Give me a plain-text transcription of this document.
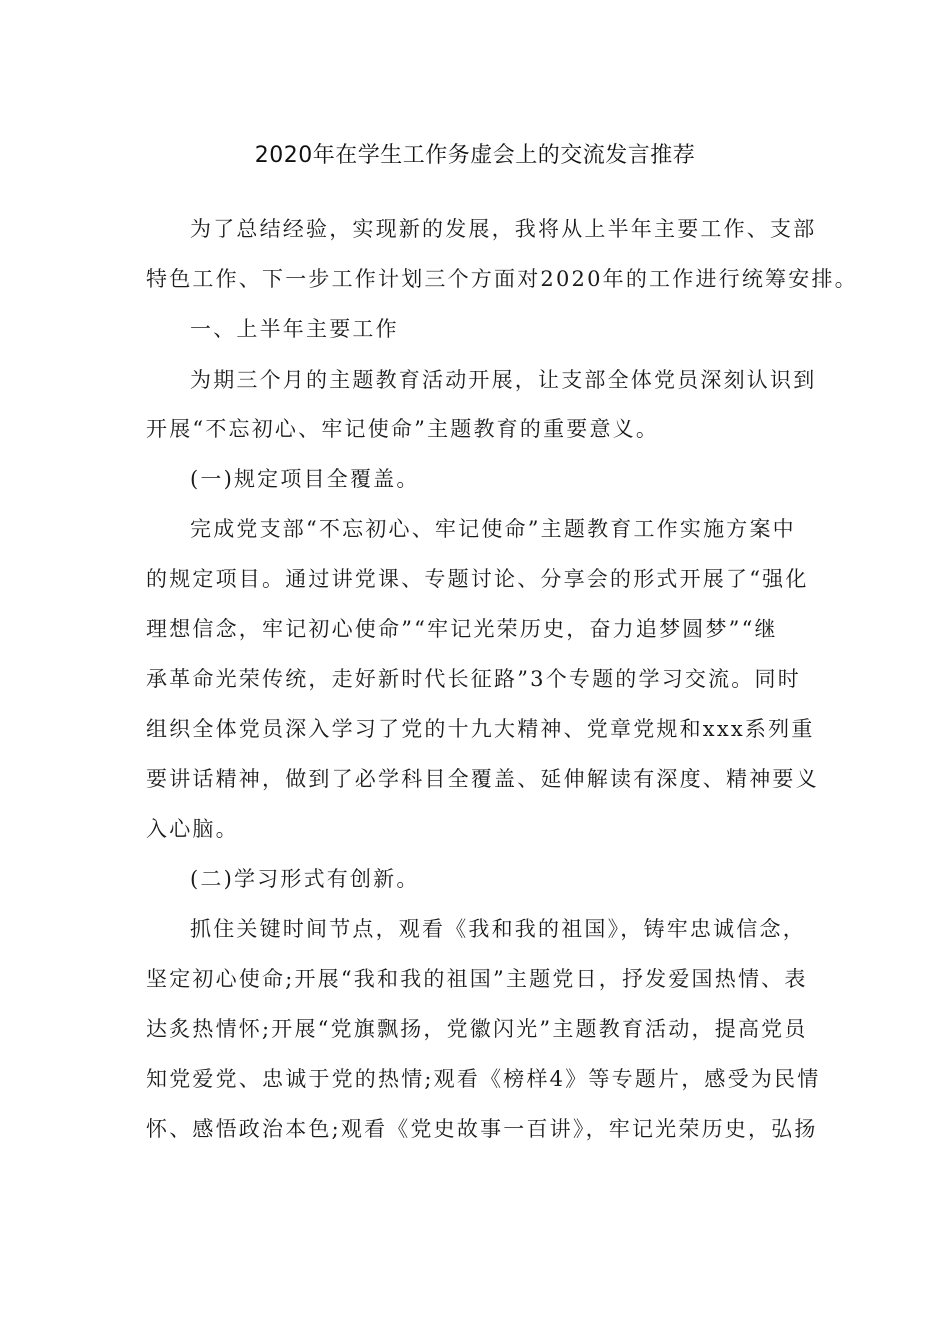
2020年在学生工作务虚会上的交流发言推荐
为了总结经验，实现新的发展，我将从上半年主要工作、支部
特色工作、下一步工作计划三个方面对2020年的工作进行统筹安排。
一、上半年主要工作
为期三个月的主题教育活动开展，让支部全体党员深刻认识到
开展“不忘初心、牢记使命”主题教育的重要意义。
(一)规定项目全覆盖。
完成党支部“不忘初心、牢记使命”主题教育工作实施方案中
的规定项目。通过讲党课、专题讨论、分享会的形式开展了“强化
理想信念，牢记初心使命”“牢记光荣历史，奋力追梦圆梦”“继
承革命光荣传统，走好新时代长征路”3个专题的学习交流。同时
组织全体党员深入学习了党的十九大精神、党章党规和xxx系列重
要讲话精神，做到了必学科目全覆盖、延伸解读有深度、精神要义
入心脑。
(二)学习形式有创新。
抓住关键时间节点，观看《我和我的祖国》，铸牢忠诚信念，
坚定初心使命;开展“我和我的祖国”主题党日，抒发爱国热情、表
达炙热情怀;开展“党旗飘扬，党徽闪光”主题教育活动，提高党员
知党爱党、忠诚于党的热情;观看《榜样4》等专题片，感受为民情
怀、感悟政治本色;观看《党史故事一百讲》，牢记光荣历史，弘扬
